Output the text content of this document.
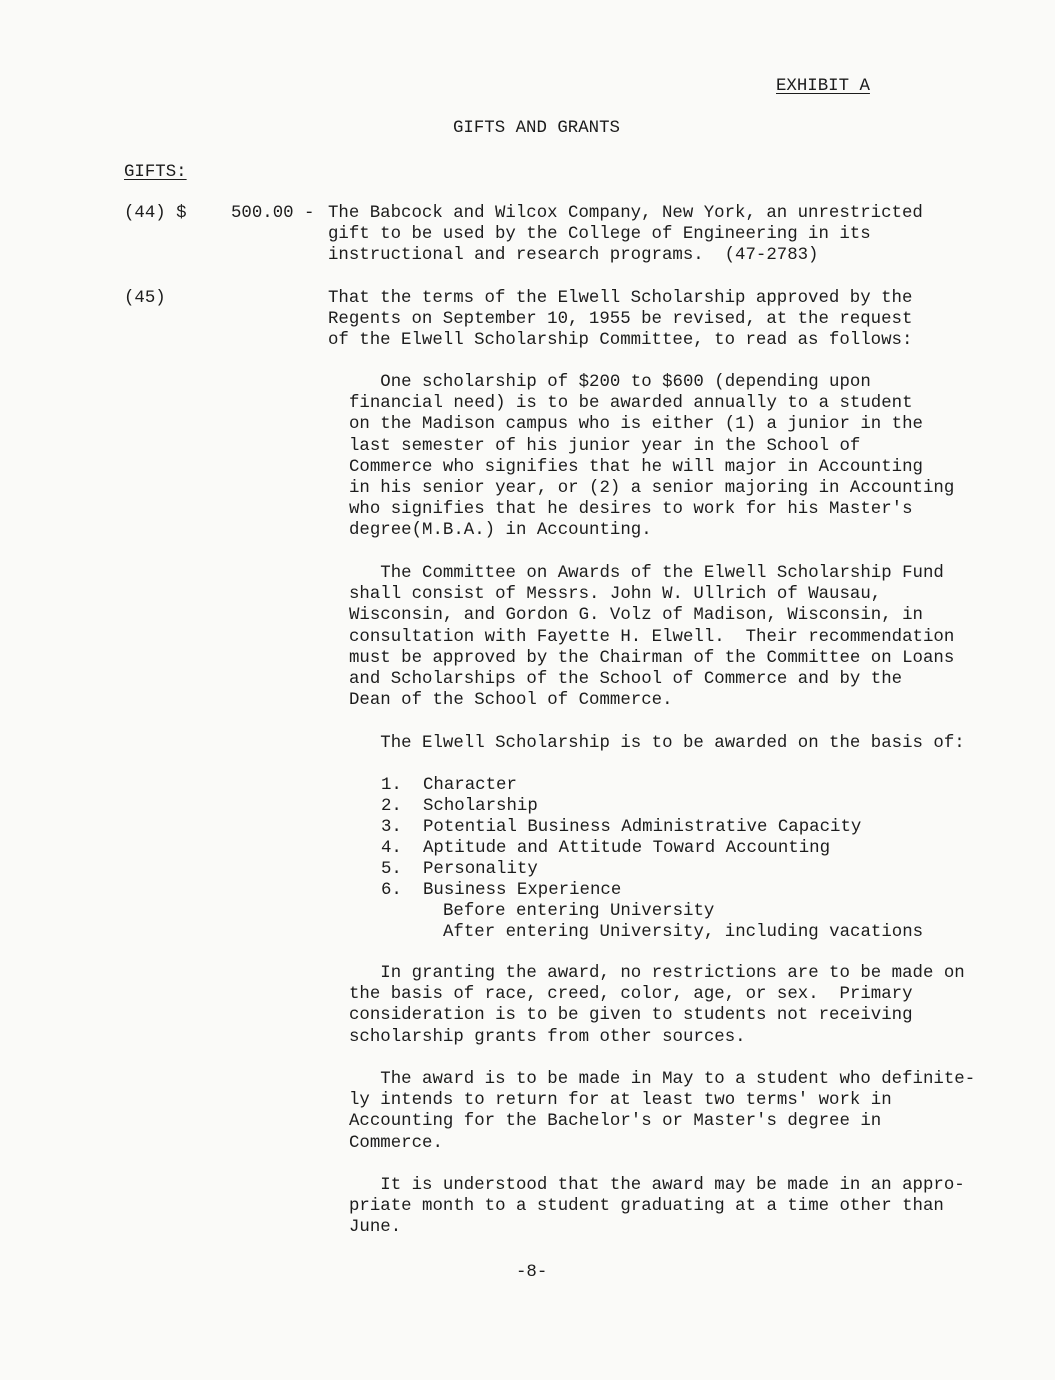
EXHIBIT A
GIFTS AND GRANTS
GIFTS:
(44) $	500.00 - The Babcock and Wilcox Company, New York, an unrestricted
gift to be used by the College of Engineering in its
instructional and research programs.  (47-2783)
(45)	That the terms of the Elwell Scholarship approved by the
Regents on September 10, 1955 be revised, at the request
of the Elwell Scholarship Committee, to read as follows:
One scholarship of $200 to $600 (depending upon
financial need) is to be awarded annually to a student
on the Madison campus who is either (1) a junior in the
last semester of his junior year in the School of
Commerce who signifies that he will major in Accounting
in his senior year, or (2) a senior majoring in Accounting
who signifies that he desires to work for his Master's
degree(M.B.A.) in Accounting.
The Committee on Awards of the Elwell Scholarship Fund
shall consist of Messrs. John W. Ullrich of Wausau,
Wisconsin, and Gordon G. Volz of Madison, Wisconsin, in
consultation with Fayette H. Elwell.  Their recommendation
must be approved by the Chairman of the Committee on Loans
and Scholarships of the School of Commerce and by the
Dean of the School of Commerce.
The Elwell Scholarship is to be awarded on the basis of:
1. Character
2. Scholarship
3. Potential Business Administrative Capacity
4. Aptitude and Attitude Toward Accounting
5. Personality
6. Business Experience
Before entering University
After entering University, including vacations
In granting the award, no restrictions are to be made on
the basis of race, creed, color, age, or sex.  Primary
consideration is to be given to students not receiving
scholarship grants from other sources.
The award is to be made in May to a student who definite-
ly intends to return for at least two terms' work in
Accounting for the Bachelor's or Master's degree in
Commerce.
It is understood that the award may be made in an appro-
priate month to a student graduating at a time other than
June.
-8-
